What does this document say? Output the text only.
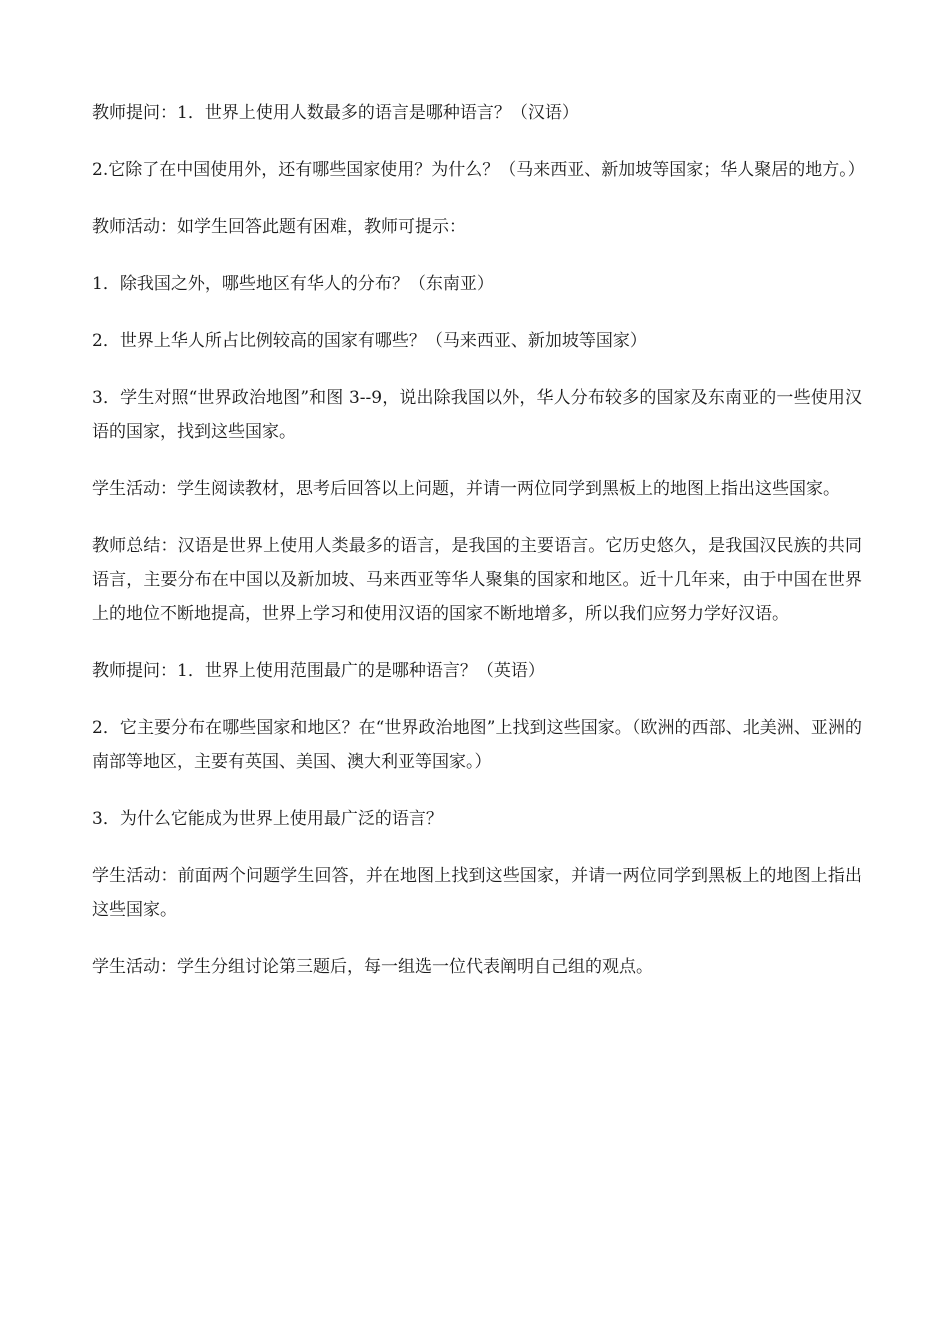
教师提问：1．世界上使用人数最多的语言是哪种语言？（汉语）

2.它除了在中国使用外，还有哪些国家使用？为什么？（马来西亚、新加坡等国家；华人聚居的地方。）

教师活动：如学生回答此题有困难，教师可提示：

1．除我国之外，哪些地区有华人的分布？（东南亚）

2．世界上华人所占比例较高的国家有哪些？（马来西亚、新加坡等国家）

3．学生对照“世界政治地图”和图 3--9，说出除我国以外，华人分布较多的国家及东南亚的一些使用汉语的国家，找到这些国家。

学生活动：学生阅读教材，思考后回答以上问题，并请一两位同学到黑板上的地图上指出这些国家。

教师总结：汉语是世界上使用人类最多的语言，是我国的主要语言。它历史悠久，是我国汉民族的共同语言，主要分布在中国以及新加坡、马来西亚等华人聚集的国家和地区。近十几年来，由于中国在世界上的地位不断地提高，世界上学习和使用汉语的国家不断地增多，所以我们应努力学好汉语。

教师提问：1．世界上使用范围最广的是哪种语言？（英语）

2．它主要分布在哪些国家和地区？在“世界政治地图”上找到这些国家。（欧洲的西部、北美洲、亚洲的南部等地区，主要有英国、美国、澳大利亚等国家。）

3．为什么它能成为世界上使用最广泛的语言？

学生活动：前面两个问题学生回答，并在地图上找到这些国家，并请一两位同学到黑板上的地图上指出这些国家。

学生活动：学生分组讨论第三题后，每一组选一位代表阐明自己组的观点。
